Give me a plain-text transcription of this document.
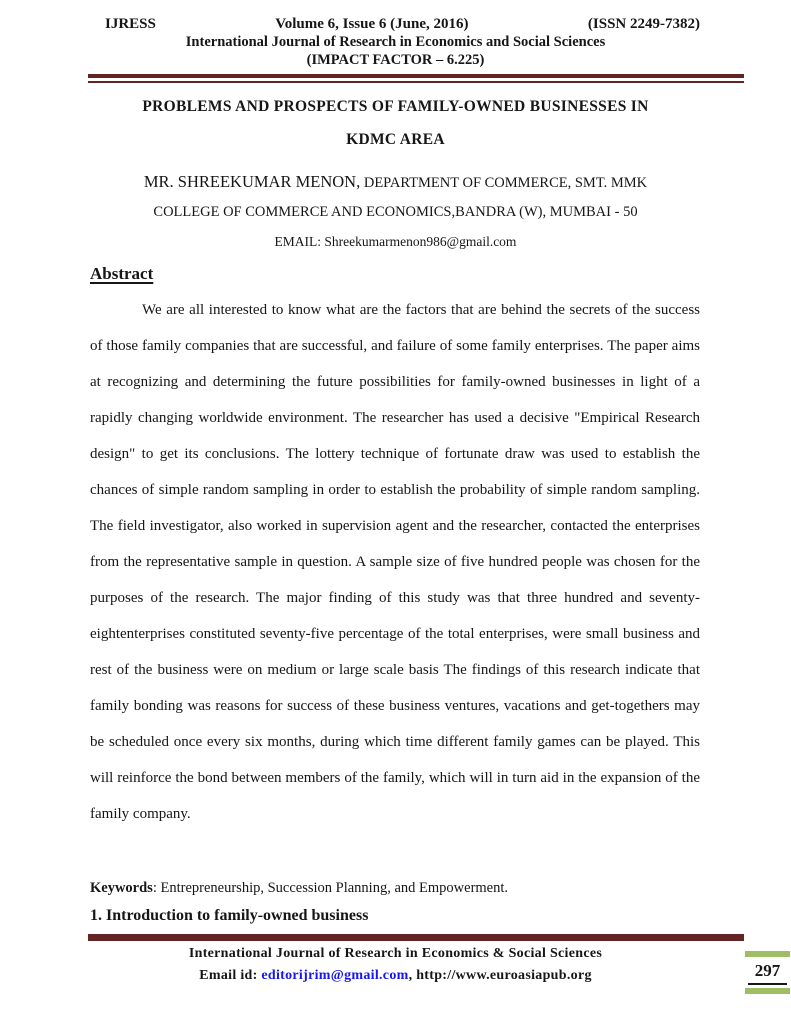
IJRESS	Volume 6, Issue 6 (June, 2016)	(ISSN 2249-7382)
International Journal of Research in Economics and Social Sciences
(IMPACT FACTOR – 6.225)
PROBLEMS AND PROSPECTS OF FAMILY-OWNED BUSINESSES IN
KDMC AREA
MR. SHREEKUMAR MENON, DEPARTMENT OF COMMERCE, SMT. MMK
COLLEGE OF COMMERCE AND ECONOMICS,BANDRA (W), MUMBAI - 50
EMAIL: Shreekumarmenon986@gmail.com
Abstract

We are all interested to know what are the factors that are behind the secrets of the success of those family companies that are successful, and failure of some family enterprises. The paper aims at recognizing and determining the future possibilities for family-owned businesses in light of a rapidly changing worldwide environment. The researcher has used a decisive "Empirical Research design" to get its conclusions. The lottery technique of fortunate draw was used to establish the chances of simple random sampling in order to establish the probability of simple random sampling. The field investigator, also worked in supervision agent and the researcher, contacted the enterprises from the representative sample in question. A sample size of five hundred people was chosen for the purposes of the research. The major finding of this study was that three hundred and seventy-eightenterprises constituted seventy-five percentage of the total enterprises, were small business and rest of the business were on medium or large scale basis The findings of this research indicate that family bonding was reasons for success of these business ventures, vacations and get-togethers may be scheduled once every six months, during which time different family games can be played. This will reinforce the bond between members of the family, which will in turn aid in the expansion of the family company.

Keywords: Entrepreneurship, Succession Planning, and Empowerment.
1. Introduction to family-owned business
International Journal of Research in Economics & Social Sciences
Email id: editorijrim@gmail.com, http://www.euroasiapub.org	297
